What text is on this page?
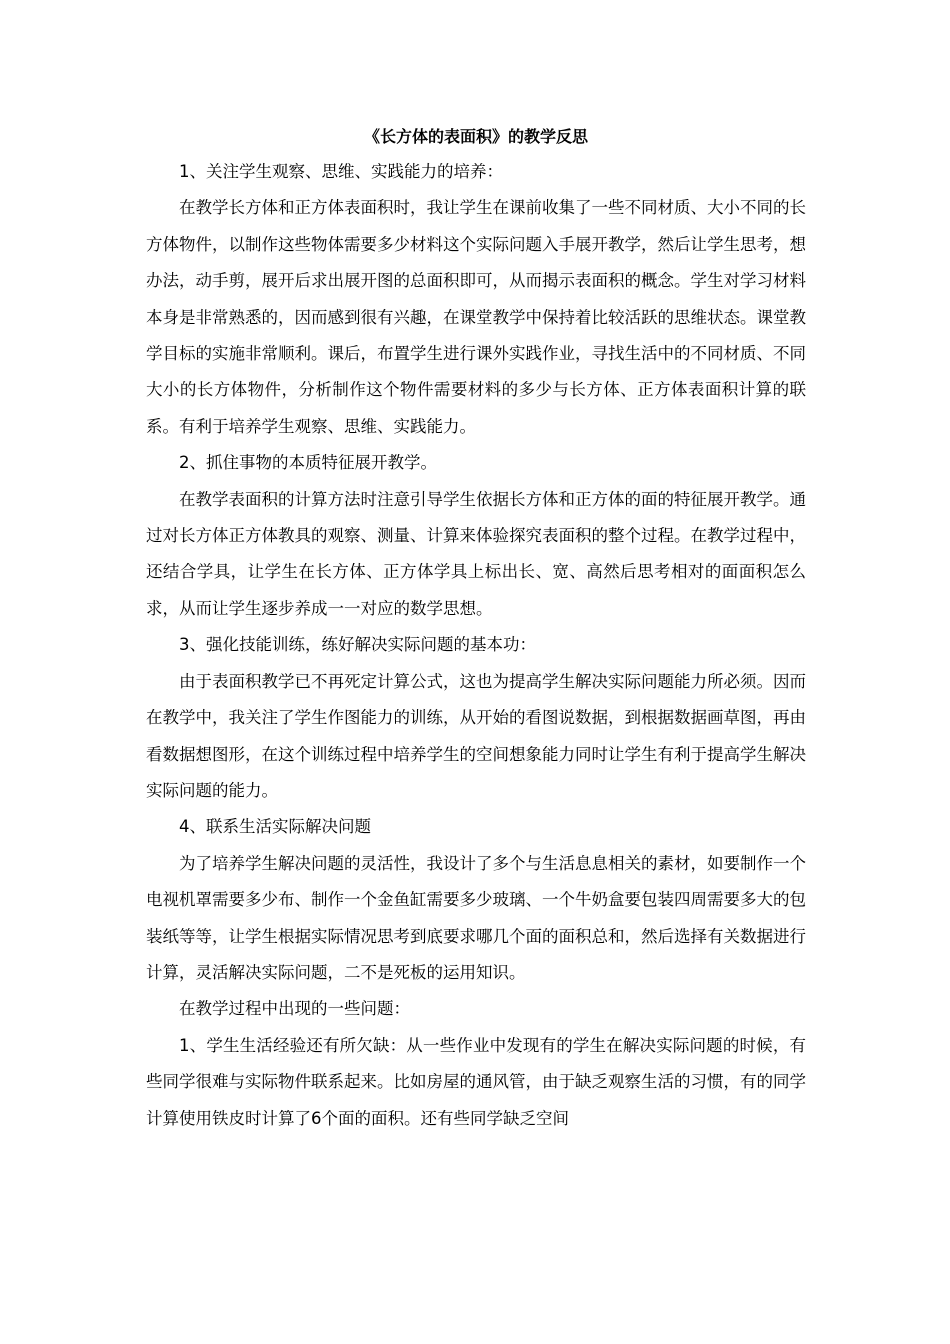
《长方体的表面积》的教学反思

1、关注学生观察、思维、实践能力的培养：

在教学长方体和正方体表面积时，我让学生在课前收集了一些不同材质、大小不同的长方体物件，以制作这些物体需要多少材料这个实际问题入手展开教学，然后让学生思考，想办法，动手剪，展开后求出展开图的总面积即可，从而揭示表面积的概念。学生对学习材料本身是非常熟悉的，因而感到很有兴趣，在课堂教学中保持着比较活跃的思维状态。课堂教学目标的实施非常顺利。课后，布置学生进行课外实践作业，寻找生活中的不同材质、不同大小的长方体物件，分析制作这个物件需要材料的多少与长方体、正方体表面积计算的联系。有利于培养学生观察、思维、实践能力。

2、抓住事物的本质特征展开教学。

在教学表面积的计算方法时注意引导学生依据长方体和正方体的面的特征展开教学。通过对长方体正方体教具的观察、测量、计算来体验探究表面积的整个过程。在教学过程中，还结合学具，让学生在长方体、正方体学具上标出长、宽、高然后思考相对的面面积怎么求，从而让学生逐步养成一一对应的数学思想。

3、强化技能训练，练好解决实际问题的基本功：

由于表面积教学已不再死定计算公式，这也为提高学生解决实际问题能力所必须。因而在教学中，我关注了学生作图能力的训练，从开始的看图说数据，到根据数据画草图，再由看数据想图形，在这个训练过程中培养学生的空间想象能力同时让学生有利于提高学生解决实际问题的能力。

4、联系生活实际解决问题

为了培养学生解决问题的灵活性，我设计了多个与生活息息相关的素材，如要制作一个电视机罩需要多少布、制作一个金鱼缸需要多少玻璃、一个牛奶盒要包装四周需要多大的包装纸等等，让学生根据实际情况思考到底要求哪几个面的面积总和，然后选择有关数据进行计算，灵活解决实际问题，二不是死板的运用知识。

在教学过程中出现的一些问题：

1、学生生活经验还有所欠缺：从一些作业中发现有的学生在解决实际问题的时候，有些同学很难与实际物件联系起来。比如房屋的通风管，由于缺乏观察生活的习惯，有的同学计算使用铁皮时计算了6个面的面积。还有些同学缺乏空间
